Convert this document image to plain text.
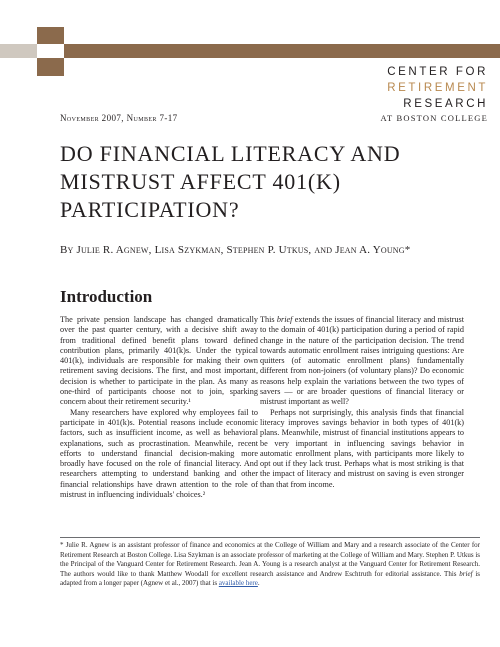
CENTER FOR
RETIREMENT
RESEARCH
AT BOSTON COLLEGE
November 2007, Number 7-17
DO FINANCIAL LITERACY AND
MISTRUST AFFECT 401(K)
PARTICIPATION?
By Julie R. Agnew, Lisa Szykman, Stephen P. Utkus, and Jean A. Young*
Introduction

The private pension landscape has changed dramatically over the past quarter century, with a decisive shift away from traditional defined benefit plans toward defined contribution plans, primarily 401(k)s. Under the typical 401(k), individuals are responsible for making their own retirement saving decisions. The first, and most important, decision is whether to participate in the plan. As many as one-third of participants choose not to join, sparking concern about their retirement security.¹

Many researchers have explored why employees fail to participate in 401(k)s. Potential reasons include economic factors, such as insufficient income, as well as behavioral explanations, such as procrastination. Meanwhile, recent efforts to understand financial decision-making more broadly have focused on the role of financial literacy. And researchers attempting to understand banking and other financial relationships have drawn attention to the role of mistrust in influencing individuals' choices.²

This brief extends the issues of financial literacy and mistrust to the domain of 401(k) participation during a period of rapid change in the nature of the participation decision. The trend towards automatic enrollment raises intriguing questions: Are quitters (of automatic enrollment plans) fundamentally different from non-joiners (of voluntary plans)? Do economic reasons help explain the variations between the two types of savers — or are broader questions of financial literacy or mistrust important as well?

Perhaps not surprisingly, this analysis finds that financial literacy improves savings behavior in both types of 401(k) plans. Meanwhile, mistrust of financial institutions appears to be very important in influencing savings behavior in automatic enrollment plans, with participants more likely to opt out if they lack trust. Perhaps what is most striking is that the impact of literacy and mistrust on saving is even stronger than that from income.

* Julie R. Agnew is an assistant professor of finance and economics at the College of William and Mary and a research associate of the Center for Retirement Research at Boston College. Lisa Szykman is an associate professor of marketing at the College of William and Mary. Stephen P. Utkus is the Principal of the Vanguard Center for Retirement Research. Jean A. Young is a research analyst at the Vanguard Center for Retirement Research. The authors would like to thank Matthew Woodall for excellent research assistance and Andrew Eschtruth for editorial assistance. This brief is adapted from a longer paper (Agnew et al., 2007) that is available here.
